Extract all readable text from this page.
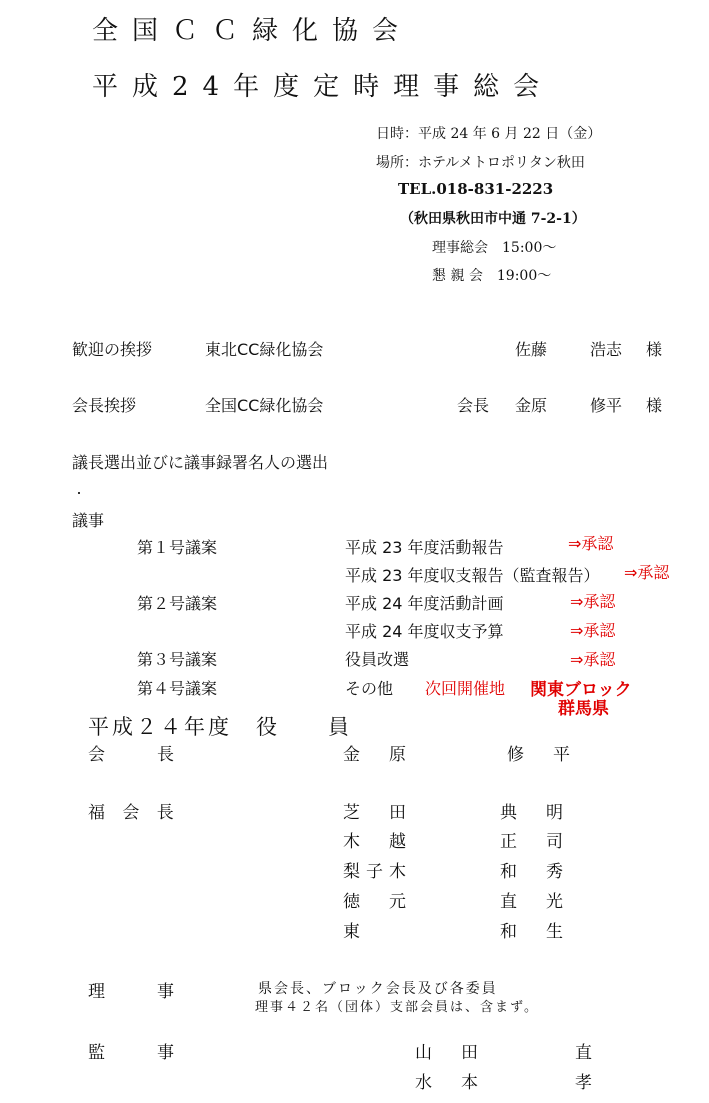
全国ＣＣ緑化協会
平成24年度定時理事総会
日時：平成 24 年 6 月 22 日（金）
場所：ホテルメトロポリタン秋田
TEL.018-831-2223
（秋田県秋田市中通 7-2-1）
理事総会　15:00～
懇 親 会　19:00～
歓迎の挨拶	東北CC緑化協会	佐藤	浩志 様
会長挨拶	全国CC緑化協会	会長 金原	修平 様
議長選出並びに議事録署名人の選出
議事
第１号議案	平成 23 年度活動報告	⇒承認
平成 23 年度収支報告（監査報告） ⇒承認
第２号議案	平成 24 年度活動計画	⇒承認
平成 24 年度収支予算	⇒承認
第３号議案	役員改選	⇒承認
第４号議案	その他 次回開催地 関東ブロック
群馬県
平成２４年度　役　　員
会　　長	金　原	修　平
福 会 長	芝　田	典　明
木　越	正　司
梨子木	和　秀
徳　元	直　光
東	和　生
理　　事	県会長、ブロック会長及び各委員
理事４２名（団体）支部会員は、含まず。
監　　事	山　田	直
水　本	孝
